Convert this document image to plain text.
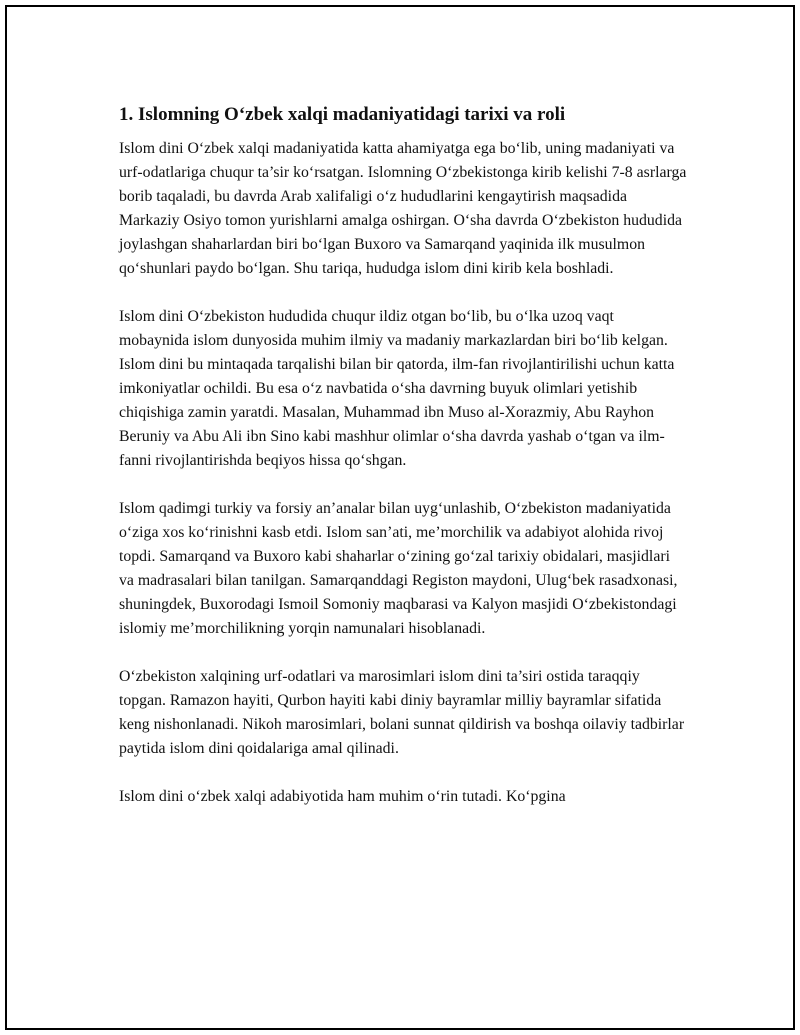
1. Islomning O‘zbek xalqi madaniyatidagi tarixi va roli

Islom dini O‘zbek xalqi madaniyatida katta ahamiyatga ega bo‘lib, uning madaniyati va urf-odatlariga chuqur ta’sir ko‘rsatgan. Islomning O‘zbekistonga kirib kelishi 7-8 asrlarga borib taqaladi, bu davrda Arab xalifaligi o‘z hududlarini kengaytirish maqsadida Markaziy Osiyo tomon yurishlarni amalga oshirgan. O‘sha davrda O‘zbekiston hududida joylashgan shaharlardan biri bo‘lgan Buxoro va Samarqand yaqinida ilk musulmon qo‘shunlari paydo bo‘lgan. Shu tariqa, hududga islom dini kirib kela boshladi.

Islom dini O‘zbekiston hududida chuqur ildiz otgan bo‘lib, bu o‘lka uzoq vaqt mobaynida islom dunyosida muhim ilmiy va madaniy markazlardan biri bo‘lib kelgan. Islom dini bu mintaqada tarqalishi bilan bir qatorda, ilm-fan rivojlantirilishi uchun katta imkoniyatlar ochildi. Bu esa o‘z navbatida o‘sha davrning buyuk olimlari yetishib chiqishiga zamin yaratdi. Masalan, Muhammad ibn Muso al-Xorazmiy, Abu Rayhon Beruniy va Abu Ali ibn Sino kabi mashhur olimlar o‘sha davrda yashab o‘tgan va ilm-fanni rivojlantirishda beqiyos hissa qo‘shgan.

Islom qadimgi turkiy va forsiy an’analar bilan uyg‘unlashib, O‘zbekiston madaniyatida o‘ziga xos ko‘rinishni kasb etdi. Islom san’ati, me’morchilik va adabiyot alohida rivoj topdi. Samarqand va Buxoro kabi shaharlar o‘zining go‘zal tarixiy obidalari, masjidlari va madrasalari bilan tanilgan. Samarqanddagi Registon maydoni, Ulug‘bek rasadxonasi, shuningdek, Buxorodagi Ismoil Somoniy maqbarasi va Kalyon masjidi O‘zbekistondagi islomiy me’morchilikning yorqin namunalari hisoblanadi.

O‘zbekiston xalqining urf-odatlari va marosimlari islom dini ta’siri ostida taraqqiy topgan. Ramazon hayiti, Qurbon hayiti kabi diniy bayramlar milliy bayramlar sifatida keng nishonlanadi. Nikoh marosimlari, bolani sunnat qildirish va boshqa oilaviy tadbirlar paytida islom dini qoidalariga amal qilinadi.

Islom dini o‘zbek xalqi adabiyotida ham muhim o‘rin tutadi. Ko‘pgina
